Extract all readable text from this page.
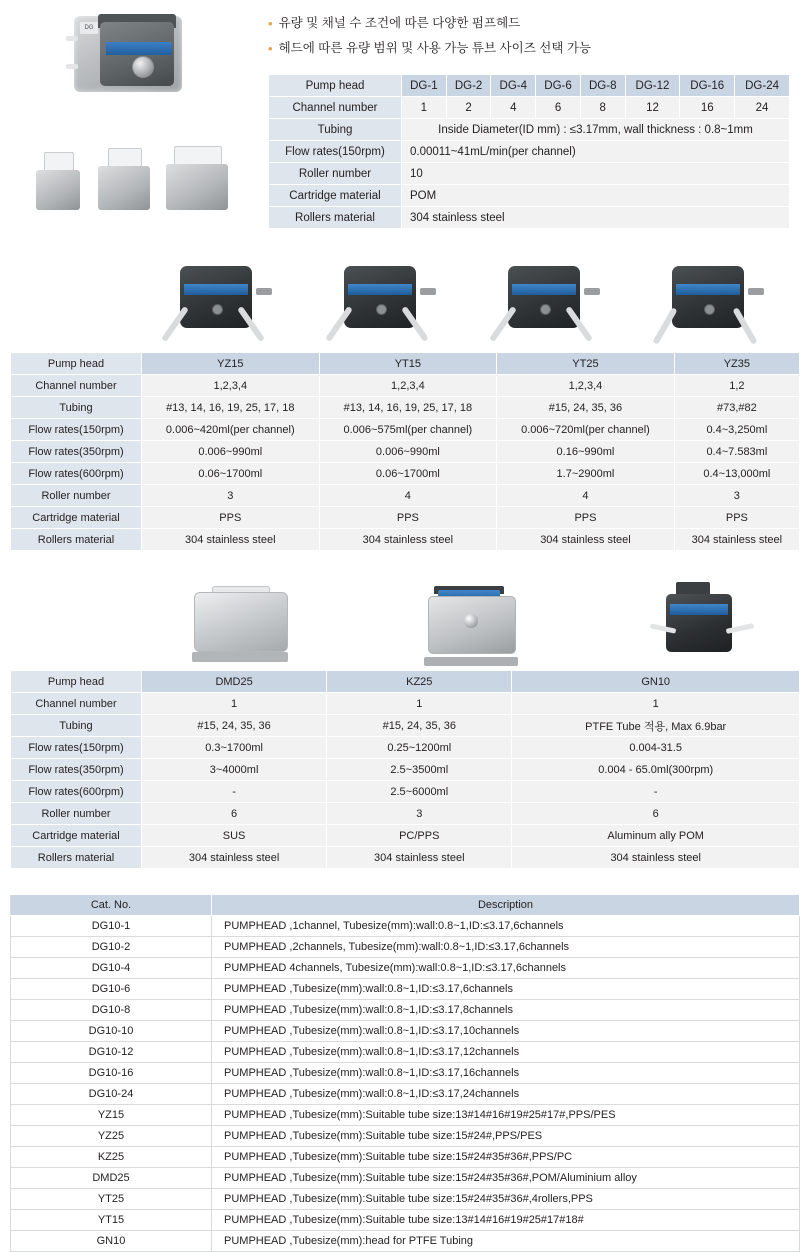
• 유량 및 채널 수 조건에 따른 다양한 펌프헤드
• 헤드에 따른 유량 범위 및 사용 가능 튜브 사이즈 선택 가능
DG
Pump head	DG-1	DG-2	DG-4	DG-6	DG-8	DG-12	DG-16	DG-24
Channel number	1	2	4	6	8	12	16	24
Tubing	Inside Diameter(ID mm) : ≤3.17mm, wall thickness : 0.8~1mm							
Flow rates(150rpm)	0.00011~41mL/min(per channel)							
Roller number	10							
Cartridge material	POM							
Rollers material	304 stainless steel							
Pump head	YZ15	YT15	YT25	YZ35
Channel number	1,2,3,4	1,2,3,4	1,2,3,4	1,2
Tubing	#13, 14, 16, 19, 25, 17, 18	#13, 14, 16, 19, 25, 17, 18	#15, 24, 35, 36	#73,#82
Flow rates(150rpm)	0.006~420ml(per channel)	0.006~575ml(per channel)	0.006~720ml(per channel)	0.4~3,250ml
Flow rates(350rpm)	0.006~990ml	0.006~990ml	0.16~990ml	0.4~7.583ml
Flow rates(600rpm)	0.06~1700ml	0.06~1700ml	1.7~2900ml	0.4~13,000ml
Roller number	3	4	4	3
Cartridge material	PPS	PPS	PPS	PPS
Rollers material	304 stainless steel	304 stainless steel	304 stainless steel	304 stainless steel
Pump head	DMD25	KZ25	GN10
Channel number	1	1	1
Tubing	#15, 24, 35, 36	#15, 24, 35, 36	PTFE Tube 적용, Max 6.9bar
Flow rates(150rpm)	0.3~1700ml	0.25~1200ml	0.004-31.5
Flow rates(350rpm)	3~4000ml	2.5~3500ml	0.004 - 65.0ml(300rpm)
Flow rates(600rpm)	-	2.5~6000ml	-
Roller number	6	3	6
Cartridge material	SUS	PC/PPS	Aluminum ally POM
Rollers material	304 stainless steel	304 stainless steel	304 stainless steel
Cat. No.	Description
DG10-1	PUMPHEAD ,1channel, Tubesize(mm):wall:0.8~1,ID:≤3.17,6channels
DG10-2	PUMPHEAD ,2channels, Tubesize(mm):wall:0.8~1,ID:≤3.17,6channels
DG10-4	PUMPHEAD 4channels, Tubesize(mm):wall:0.8~1,ID:≤3.17,6channels
DG10-6	PUMPHEAD ,Tubesize(mm):wall:0.8~1,ID:≤3.17,6channels
DG10-8	PUMPHEAD ,Tubesize(mm):wall:0.8~1,ID:≤3.17,8channels
DG10-10	PUMPHEAD ,Tubesize(mm):wall:0.8~1,ID:≤3.17,10channels
DG10-12	PUMPHEAD ,Tubesize(mm):wall:0.8~1,ID:≤3.17,12channels
DG10-16	PUMPHEAD ,Tubesize(mm):wall:0.8~1,ID:≤3.17,16channels
DG10-24	PUMPHEAD ,Tubesize(mm):wall:0.8~1,ID:≤3.17,24channels
YZ15	PUMPHEAD ,Tubesize(mm):Suitable tube size:13#14#16#19#25#17#,PPS/PES
YZ25	PUMPHEAD ,Tubesize(mm):Suitable tube size:15#24#,PPS/PES
KZ25	PUMPHEAD ,Tubesize(mm):Suitable tube size:15#24#35#36#,PPS/PC
DMD25	PUMPHEAD ,Tubesize(mm):Suitable tube size:15#24#35#36#,POM/Aluminium alloy
YT25	PUMPHEAD ,Tubesize(mm):Suitable tube size:15#24#35#36#,4rollers,PPS
YT15	PUMPHEAD ,Tubesize(mm):Suitable tube size:13#14#16#19#25#17#18#
GN10	PUMPHEAD ,Tubesize(mm):head for PTFE Tubing
